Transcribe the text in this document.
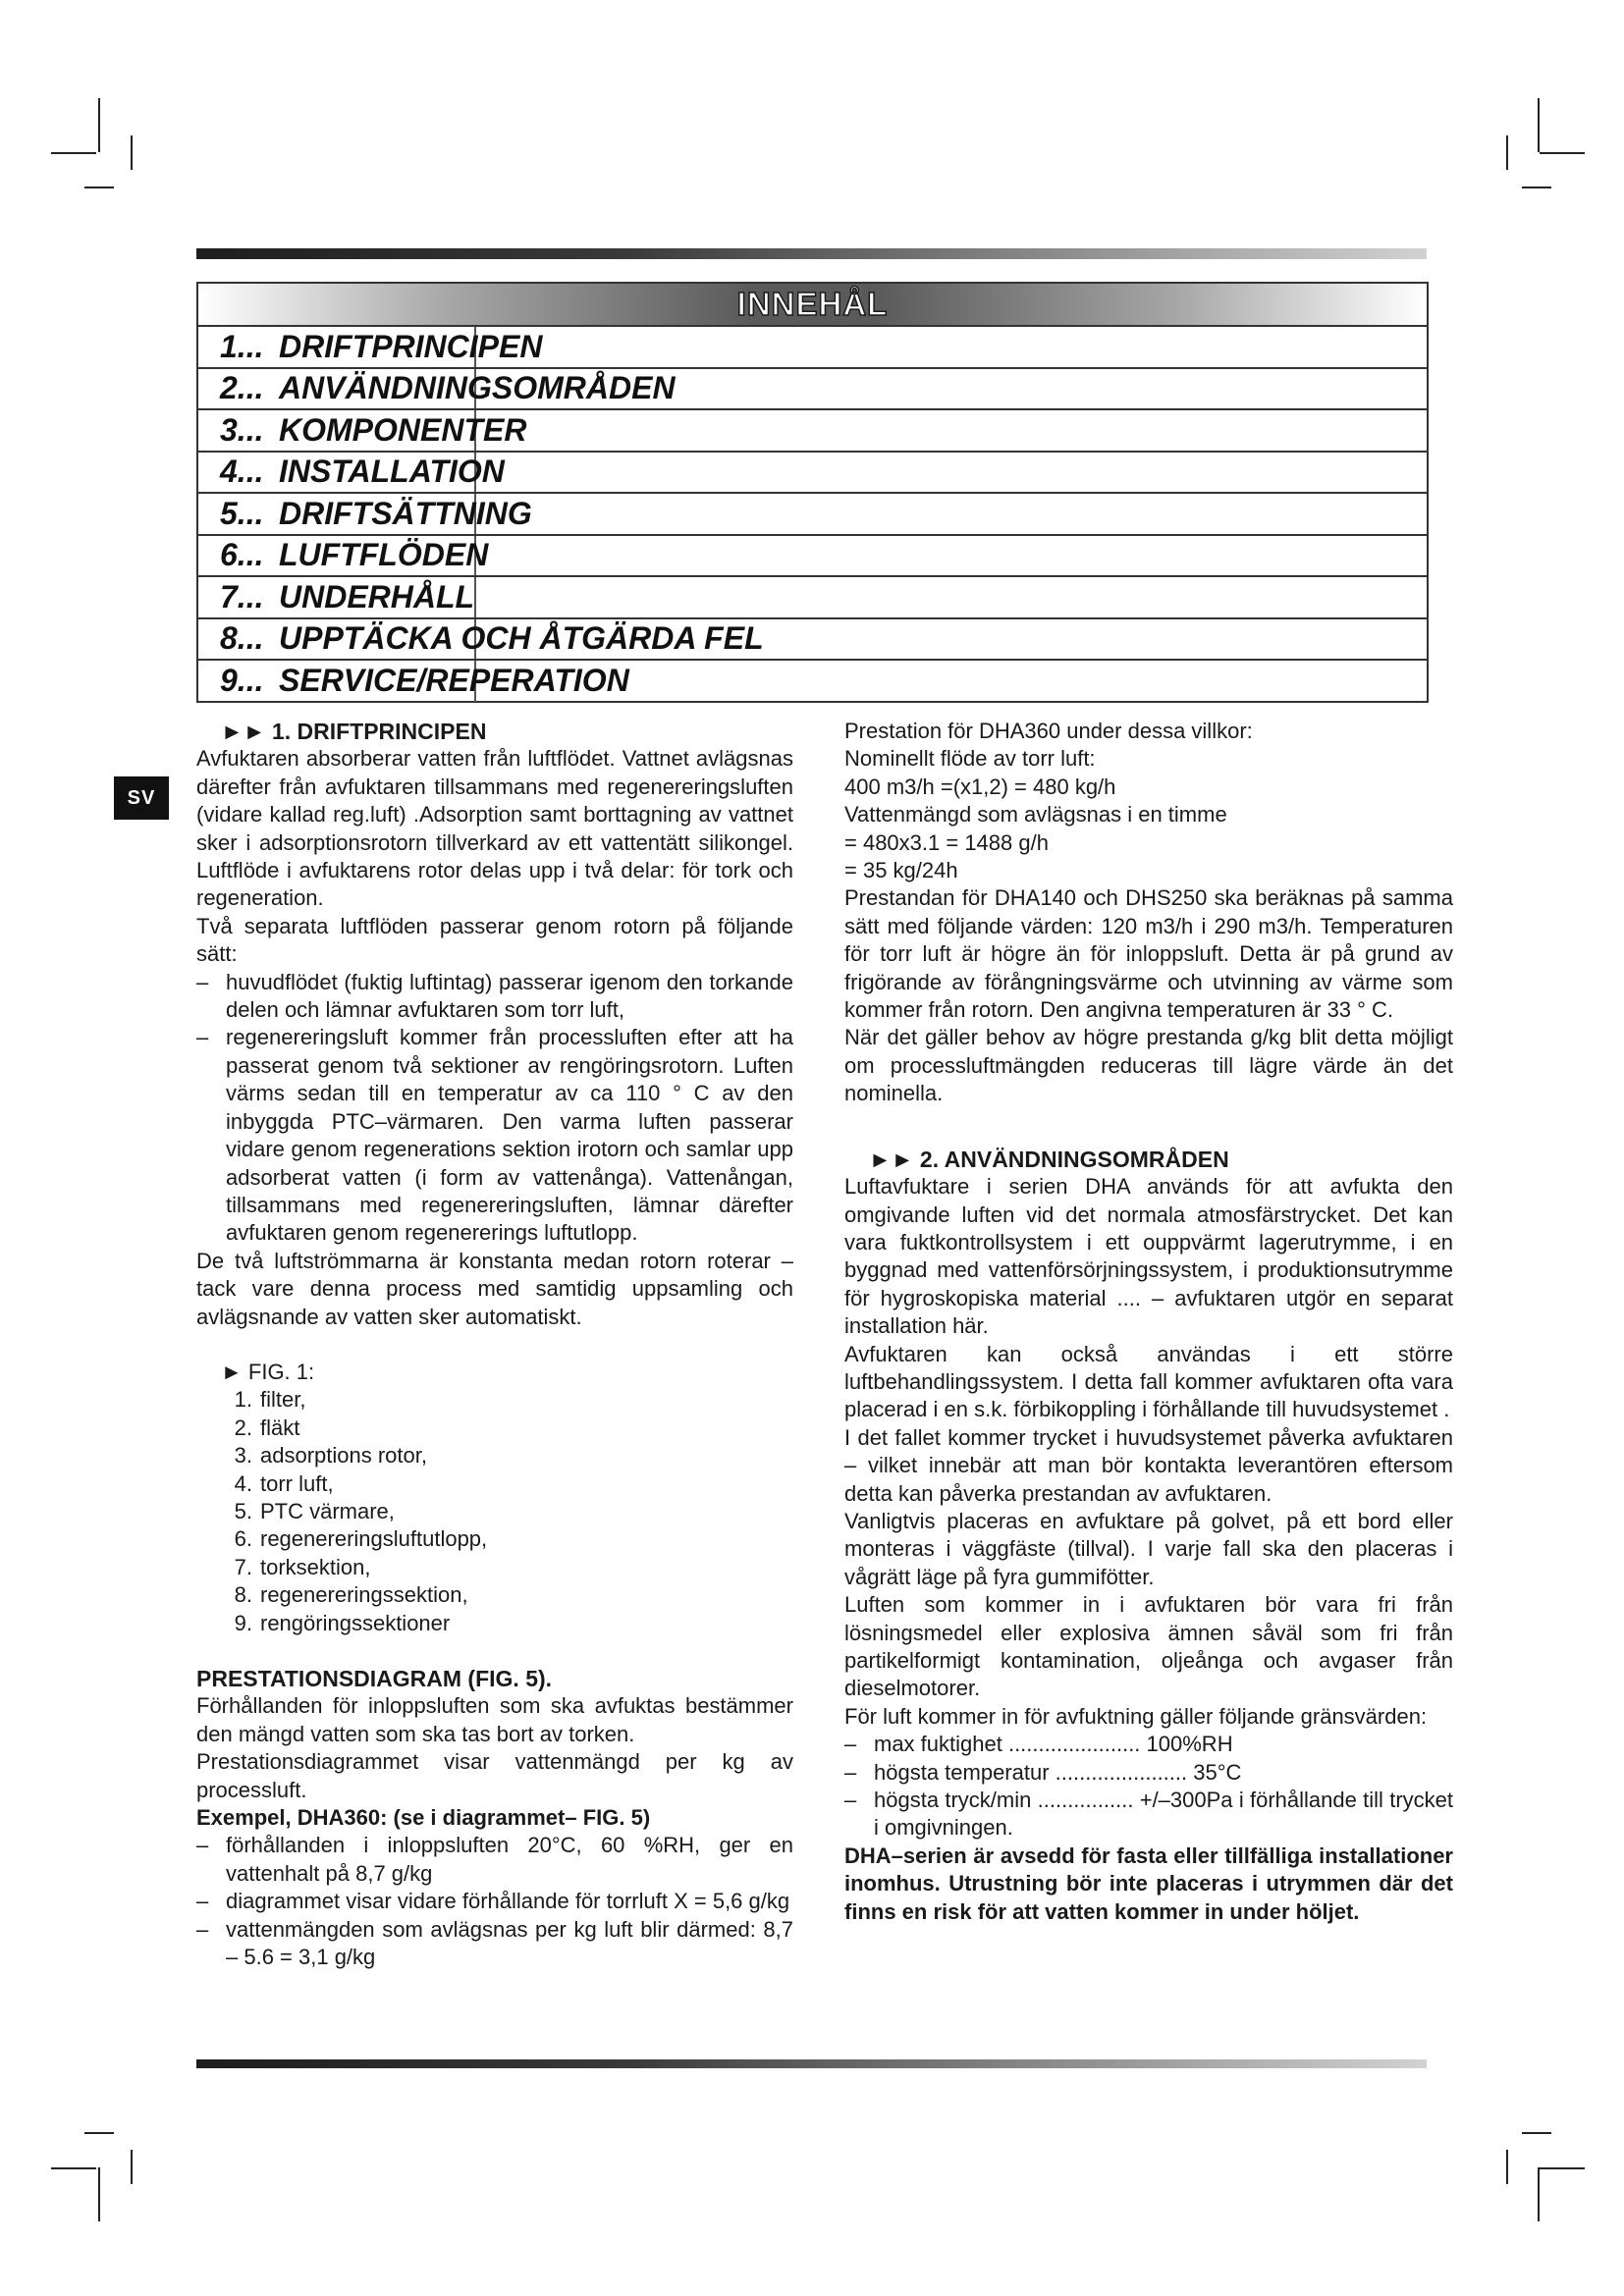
INNEHÅL
1... DRIFTPRINCIPEN
2... ANVÄNDNINGSOMRÅDEN
3... KOMPONENTER
4... INSTALLATION
5... DRIFTSÄTTNING
6... LUFTFLÖDEN
7... UNDERHÅLL
8... UPPTÄCKA OCH ÅTGÄRDA FEL
9... SERVICE/REPERATION
SV

►► 1. DRIFTPRINCIPEN

Avfuktaren absorberar vatten från luftflödet. Vattnet avlägsnas därefter från avfuktaren tillsammans med regenereringsluften (vidare kallad reg.luft) .Adsorption samt borttagning av vattnet sker i adsorptionsrotorn tillverkard av ett vattentätt silikongel. Luftflöde i avfuktarens rotor delas upp i två delar: för tork och regeneration.

Två separata luftflöden passerar genom rotorn på följande sätt:

– huvudflödet (fuktig luftintag) passerar igenom den torkande delen och lämnar avfuktaren som torr luft,
– regenereringsluft kommer från processluften efter att ha passerat genom två sektioner av rengöringsrotorn. Luften värms sedan till en temperatur av ca 110 ° C av den inbyggda PTC–värmaren. Den varma luften passerar vidare genom regenerations sektion irotorn och samlar upp adsorberat vatten (i form av vattenånga). Vattenångan, tillsammans med regenereringsluften, lämnar därefter avfuktaren genom regenererings luftutlopp.

De två luftströmmarna är konstanta medan rotorn roterar – tack vare denna process med samtidig uppsamling och avlägsnande av vatten sker automatiskt.

► FIG. 1:

1. filter,
2. fläkt
3. adsorptions rotor,
4. torr luft,
5. PTC värmare,
6. regenereringsluftutlopp,
7. torksektion,
8. regenereringssektion,
9. rengöringssektioner

PRESTATIONSDIAGRAM (FIG. 5).

Förhållanden för inloppsluften som ska avfuktas bestämmer den mängd vatten som ska tas bort av torken.

Prestationsdiagrammet visar vattenmängd per kg av processluft.

Exempel, DHA360: (se i diagrammet– FIG. 5)

– förhållanden i inloppsluften 20°C, 60 %RH, ger en vattenhalt på 8,7 g/kg
– diagrammet visar vidare förhållande för torrluft X = 5,6 g/kg
– vattenmängden som avlägsnas per kg luft blir därmed: 8,7 – 5.6 = 3,1 g/kg

Prestation för DHA360 under dessa villkor:

Nominellt flöde av torr luft:

400 m3/h =(x1,2) = 480 kg/h

Vattenmängd som avlägsnas i en timme

= 480x3.1 = 1488 g/h

= 35 kg/24h

Prestandan för DHA140 och DHS250 ska beräknas på samma sätt med följande värden: 120 m3/h i 290 m3/h. Temperaturen för torr luft är högre än för inloppsluft. Detta är på grund av frigörande av förångningsvärme och utvinning av värme som kommer från rotorn. Den angivna temperaturen är 33 ° C.

När det gäller behov av högre prestanda g/kg blit detta möjligt om processluftmängden reduceras till lägre värde än det nominella.

►► 2. ANVÄNDNINGSOMRÅDEN

Luftavfuktare i serien DHA används för att avfukta den omgivande luften vid det normala atmosfärstrycket. Det kan vara fuktkontrollsystem i ett ouppvärmt lagerutrymme, i en byggnad med vattenförsörjningssystem, i produktionsutrymme för hygroskopiska material .... – avfuktaren utgör en separat installation här.

Avfuktaren kan också användas i ett större luftbehandlingssystem. I detta fall kommer avfuktaren ofta vara placerad i en s.k. förbikoppling i förhållande till huvudsystemet .

I det fallet kommer trycket i huvudsystemet påverka avfuktaren – vilket innebär att man bör kontakta leverantören eftersom detta kan påverka prestandan av avfuktaren.

Vanligtvis placeras en avfuktare på golvet, på ett bord eller monteras i väggfäste (tillval). I varje fall ska den placeras i vågrätt läge på fyra gummifötter.

Luften som kommer in i avfuktaren bör vara fri från lösningsmedel eller explosiva ämnen såväl som fri från partikelformigt kontamination, oljeånga och avgaser från dieselmotorer.

För luft kommer in för avfuktning gäller följande gränsvärden:

– max fuktighet ...................... 100%RH
– högsta temperatur ...................... 35°C
– högsta tryck/min ................ +/–300Pa i förhållande till trycket i omgivningen.

DHA–serien är avsedd för fasta eller tillfälliga installationer inomhus. Utrustning bör inte placeras i utrymmen där det finns en risk för att vatten kommer in under höljet.
